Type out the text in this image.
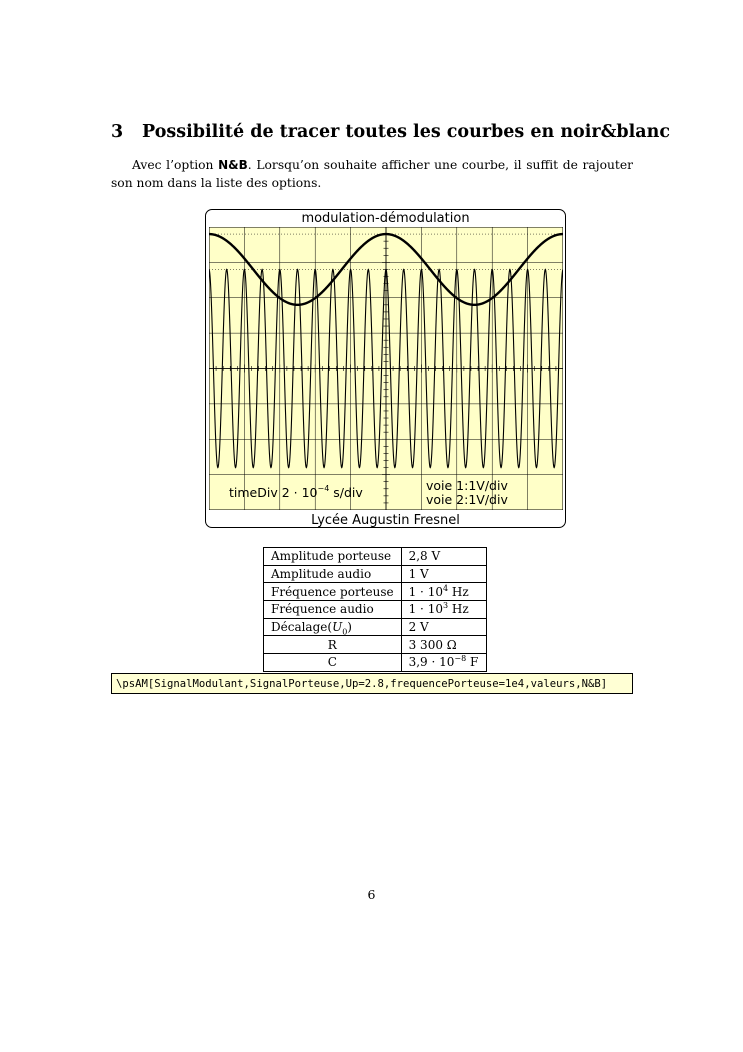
3 Possibilité de tracer toutes les courbes en noir&blanc
Avec l’option N&B. Lorsqu’on souhaite afficher une courbe, il suffit de rajouter son nom dans la liste des options.
modulation-démodulation
Lycée Augustin Fresnel
timeDiv $2 \cdot 10^{-4}$ s/div	voie 1:1V/div
voie 2:1V/div
Amplitude porteuse	2,8 V
Amplitude audio	1 V
Fréquence porteuse	$1 \cdot 10^4$ Hz
Fréquence audio	$1 \cdot 10^3$ Hz
$Décalage(U_0)$	2 V
R	3 300 Ω
C	$3,9 \cdot 10^{-8}$ F
\psAM[SignalModulant,SignalPorteuse,Up=2.8,frequencePorteuse=1e4,valeurs,N&B]
6
